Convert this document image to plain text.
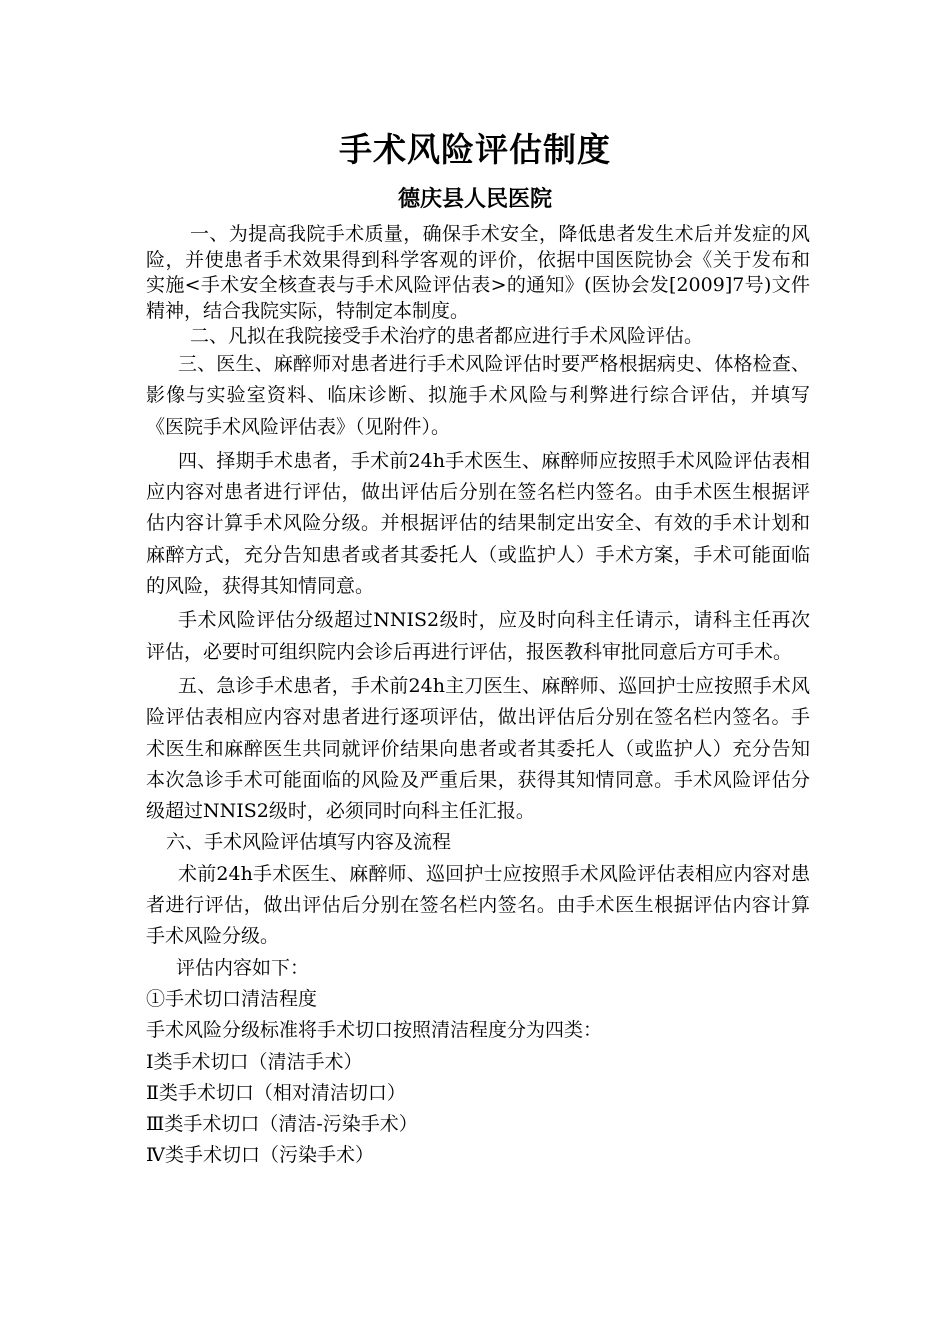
手术风险评估制度
德庆县人民医院

一、为提高我院手术质量，确保手术安全，降低患者发生术后并发症的风险，并使患者手术效果得到科学客观的评价，依据中国医院协会《关于发布和实施<手术安全核查表与手术风险评估表>的通知》(医协会发[2009]7号)文件精神，结合我院实际，特制定本制度。

二、凡拟在我院接受手术治疗的患者都应进行手术风险评估。

三、医生、麻醉师对患者进行手术风险评估时要严格根据病史、体格检查、影像与实验室资料、临床诊断、拟施手术风险与利弊进行综合评估，并填写《医院手术风险评估表》（见附件）。

四、择期手术患者，手术前24h手术医生、麻醉师应按照手术风险评估表相应内容对患者进行评估，做出评估后分别在签名栏内签名。由手术医生根据评估内容计算手术风险分级。并根据评估的结果制定出安全、有效的手术计划和麻醉方式，充分告知患者或者其委托人（或监护人）手术方案，手术可能面临的风险，获得其知情同意。

手术风险评估分级超过NNIS2级时，应及时向科主任请示，请科主任再次评估，必要时可组织院内会诊后再进行评估，报医教科审批同意后方可手术。

五、急诊手术患者，手术前24h主刀医生、麻醉师、巡回护士应按照手术风险评估表相应内容对患者进行逐项评估，做出评估后分别在签名栏内签名。手术医生和麻醉医生共同就评价结果向患者或者其委托人（或监护人）充分告知本次急诊手术可能面临的风险及严重后果，获得其知情同意。手术风险评估分级超过NNIS2级时，必须同时向科主任汇报。

六、手术风险评估填写内容及流程

术前24h手术医生、麻醉师、巡回护士应按照手术风险评估表相应内容对患者进行评估，做出评估后分别在签名栏内签名。由手术医生根据评估内容计算手术风险分级。

评估内容如下：

①手术切口清洁程度

手术风险分级标准将手术切口按照清洁程度分为四类：

Ⅰ类手术切口（清洁手术）

Ⅱ类手术切口（相对清洁切口）

Ⅲ类手术切口（清洁-污染手术）

Ⅳ类手术切口（污染手术）
